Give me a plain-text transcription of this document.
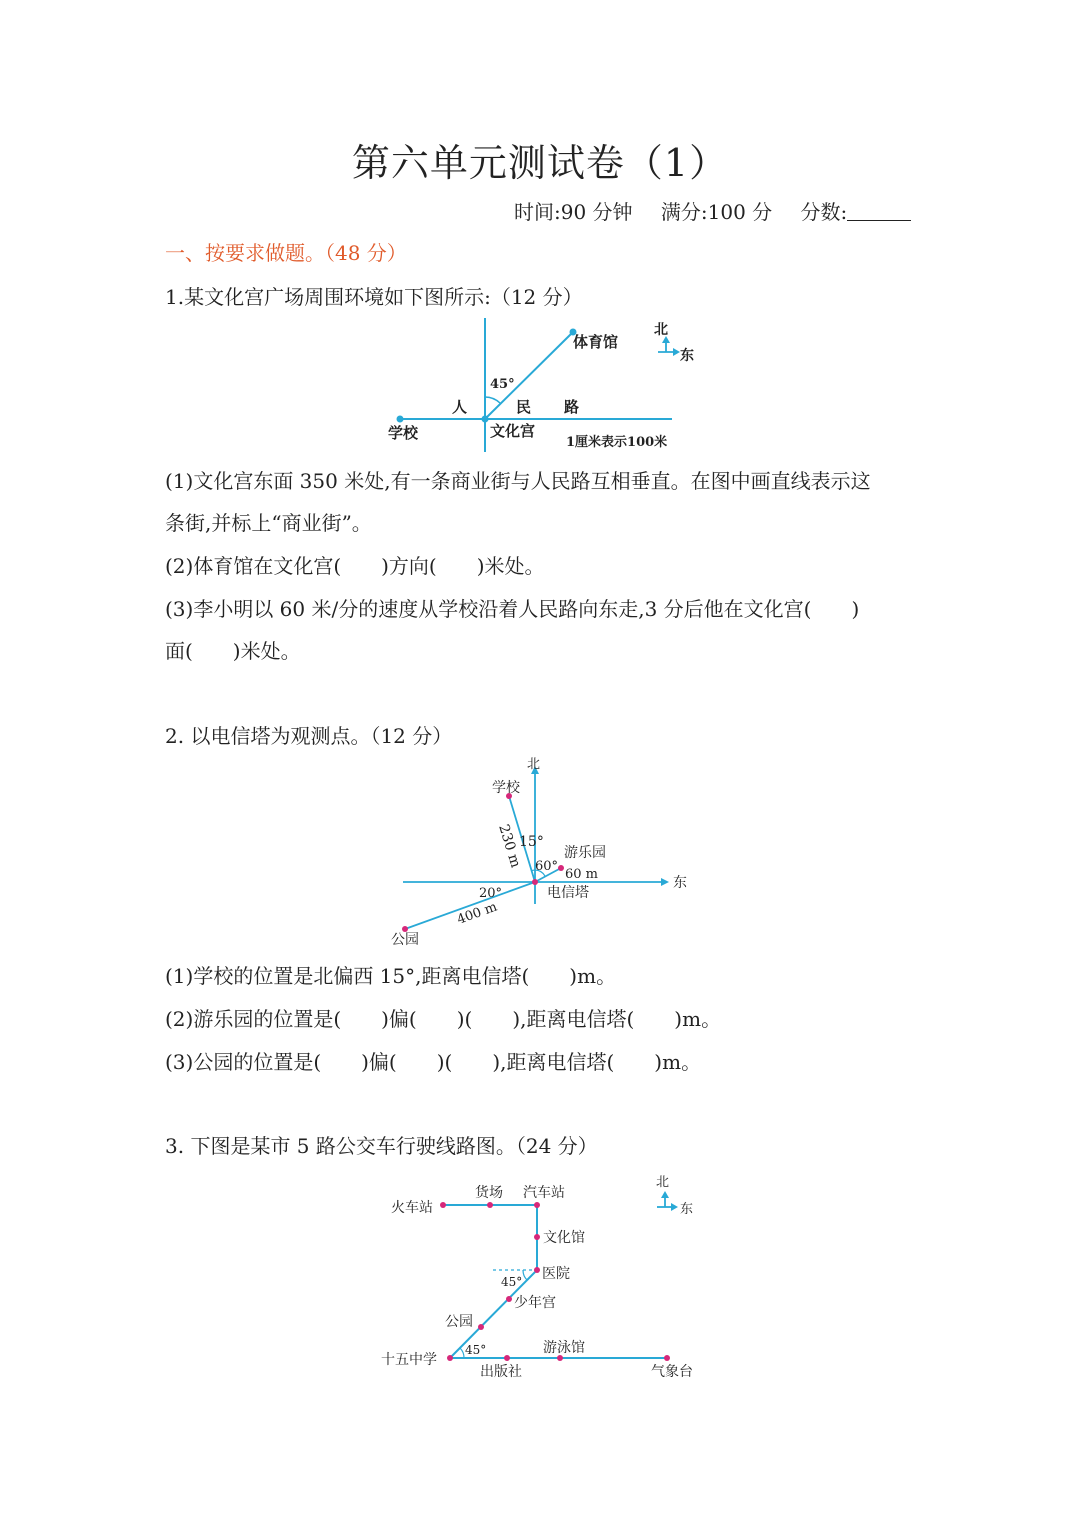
第六单元测试卷（1）
时间:90 分钟 满分:100 分 分数:
一、按要求做题。（48 分）
1.某文化宫广场周围环境如下图所示:（12 分）
北
东
体育馆
45°
人	民 路
学校	文化宫
1厘米表示100米
(1)文化宫东面 350 米处,有一条商业街与人民路互相垂直。在图中画直线表示这
条街,并标上“商业街”。
(2)体育馆在文化宫(　　)方向(　　)米处。
(3)李小明以 60 米/分的速度从学校沿着人民路向东走,3 分后他在文化宫(　　)
面(　　)米处。
2. 以电信塔为观测点。（12 分）
北
东
学校
230 m
15°
60°
游乐园
60 m
电信塔
20°
400 m
公园
(1)学校的位置是北偏西 15°,距离电信塔(　　)m。
(2)游乐园的位置是(　　)偏(　　)(　　),距离电信塔(　　)m。
(3)公园的位置是(　　)偏(　　)(　　),距离电信塔(　　)m。
3. 下图是某市 5 路公交车行驶线路图。（24 分）
北
东
火车站
货场 汽车站
文化馆
医院
45°
少年宫
公园
十五中学
45°
出版社
游泳馆
气象台
